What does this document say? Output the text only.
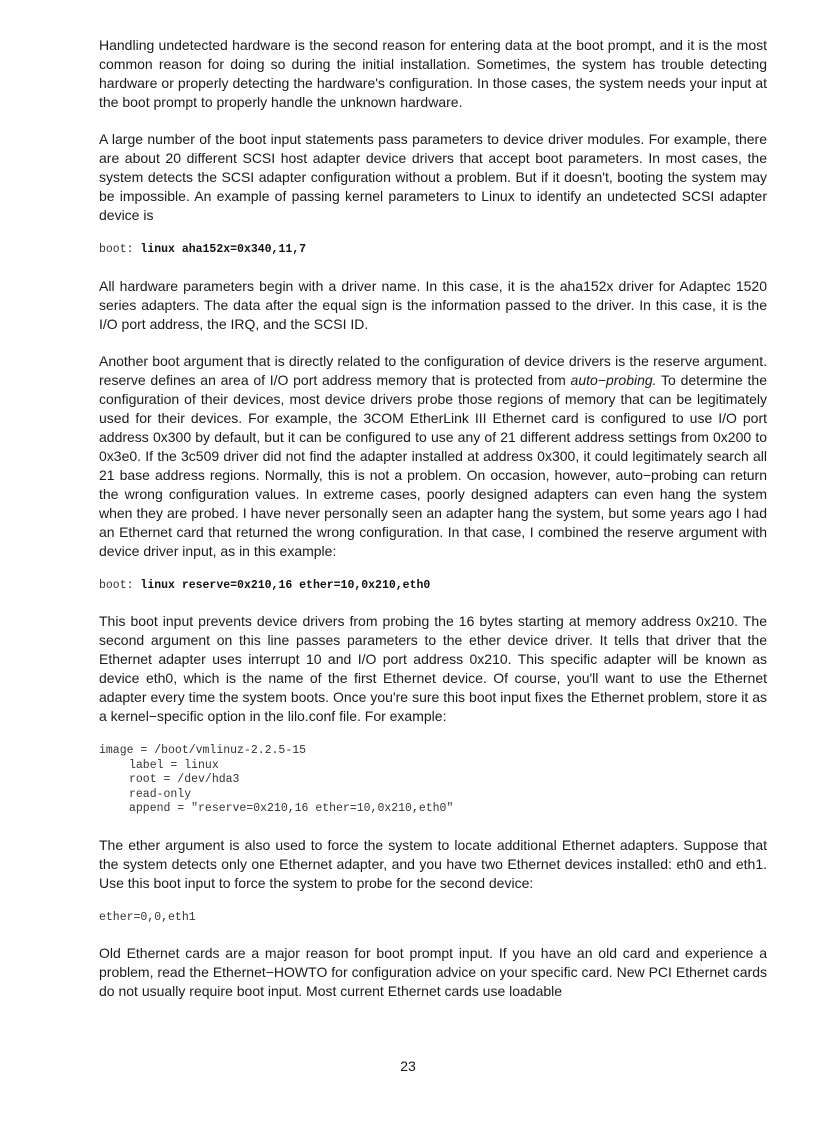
Handling undetected hardware is the second reason for entering data at the boot prompt, and it is the most common reason for doing so during the initial installation. Sometimes, the system has trouble detecting hardware or properly detecting the hardware's configuration. In those cases, the system needs your input at the boot prompt to properly handle the unknown hardware.

A large number of the boot input statements pass parameters to device driver modules. For example, there are about 20 different SCSI host adapter device drivers that accept boot parameters. In most cases, the system detects the SCSI adapter configuration without a problem. But if it doesn't, booting the system may be impossible. An example of passing kernel parameters to Linux to identify an undetected SCSI adapter device is

boot: linux aha152x=0x340,11,7

All hardware parameters begin with a driver name. In this case, it is the aha152x driver for Adaptec 1520 series adapters. The data after the equal sign is the information passed to the driver. In this case, it is the I/O port address, the IRQ, and the SCSI ID.

Another boot argument that is directly related to the configuration of device drivers is the reserve argument. reserve defines an area of I/O port address memory that is protected from auto−probing. To determine the configuration of their devices, most device drivers probe those regions of memory that can be legitimately used for their devices. For example, the 3COM EtherLink III Ethernet card is configured to use I/O port address 0x300 by default, but it can be configured to use any of 21 different address settings from 0x200 to 0x3e0. If the 3c509 driver did not find the adapter installed at address 0x300, it could legitimately search all 21 base address regions. Normally, this is not a problem. On occasion, however, auto−probing can return the wrong configuration values. In extreme cases, poorly designed adapters can even hang the system when they are probed. I have never personally seen an adapter hang the system, but some years ago I had an Ethernet card that returned the wrong configuration. In that case, I combined the reserve argument with device driver input, as in this example:

boot: linux reserve=0x210,16 ether=10,0x210,eth0

This boot input prevents device drivers from probing the 16 bytes starting at memory address 0x210. The second argument on this line passes parameters to the ether device driver. It tells that driver that the Ethernet adapter uses interrupt 10 and I/O port address 0x210. This specific adapter will be known as device eth0, which is the name of the first Ethernet device. Of course, you'll want to use the Ethernet adapter every time the system boots. Once you're sure this boot input fixes the Ethernet problem, store it as a kernel−specific option in the lilo.conf file. For example:

image = /boot/vmlinuz-2.2.5-15
label = linux
root = /dev/hda3
read-only
append = "reserve=0x210,16 ether=10,0x210,eth0"

The ether argument is also used to force the system to locate additional Ethernet adapters. Suppose that the system detects only one Ethernet adapter, and you have two Ethernet devices installed: eth0 and eth1. Use this boot input to force the system to probe for the second device:

ether=0,0,eth1

Old Ethernet cards are a major reason for boot prompt input. If you have an old card and experience a problem, read the Ethernet−HOWTO for configuration advice on your specific card. New PCI Ethernet cards do not usually require boot input. Most current Ethernet cards use loadable

23
